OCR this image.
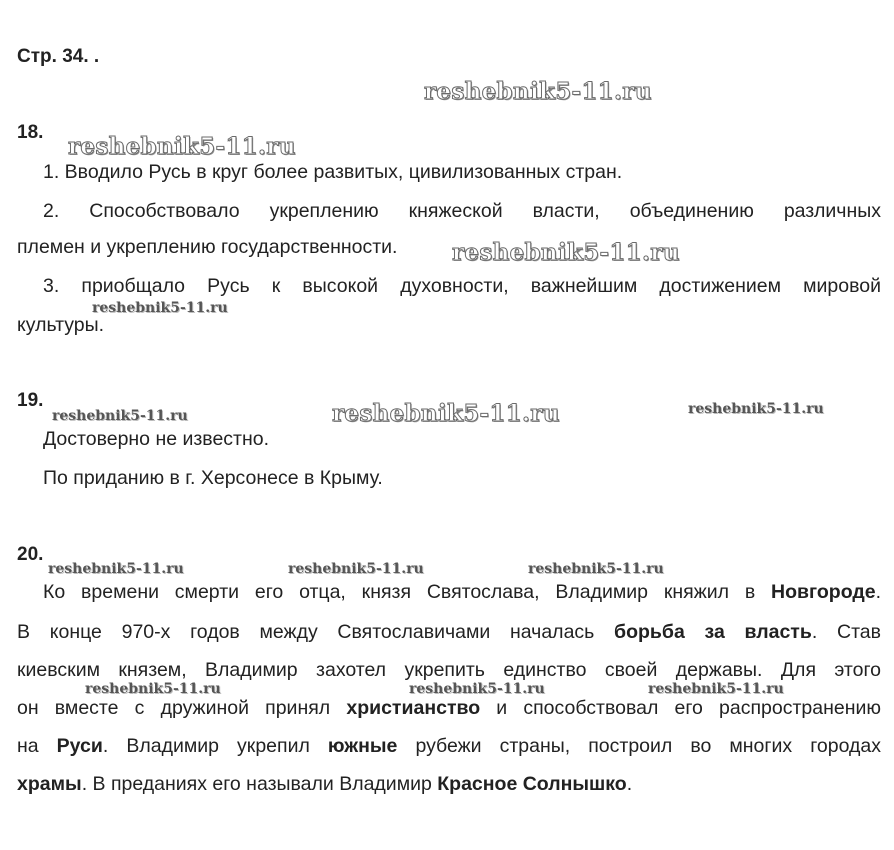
Стр. 34. .
reshebnik5-11.ru
reshebnik5-11.ru
reshebnik5-11.ru
reshebnik5-11.ru
reshebnik5-11.ru
reshebnik5-11.ru	reshebnik5-11.ru
reshebnik5-11.ru	reshebnik5-11.ru	reshebnik5-11.ru
reshebnik5-11.ru	reshebnik5-11.ru	reshebnik5-11.ru
18.
1. Вводило Русь в круг более развитых, цивилизованных стран.
2. Способствовало укреплению княжеской власти, объединению различных
племен и укреплению государственности.
3. приобщало Русь к высокой духовности, важнейшим достижением мировой
культуры.
19.
Достоверно не известно.
По приданию в г. Херсонесе в Крыму.
20.
Ко времени смерти его отца, князя Святослава, Владимир княжил в Новгороде.
В конце 970-х годов между Святославичами началась борьба за власть. Став
киевским князем, Владимир захотел укрепить единство своей державы. Для этого
он вместе с дружиной принял христианство и способствовал его распространению
на Руси. Владимир укрепил южные рубежи страны, построил во многих городах
храмы. В преданиях его называли Владимир Красное Солнышко.
